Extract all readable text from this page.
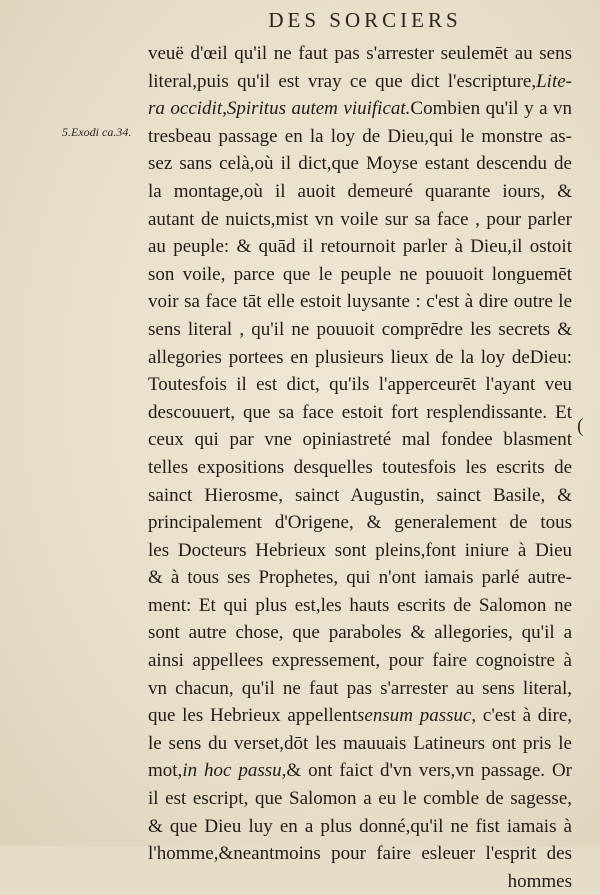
DES SORCIERS
5.Exodi ca.34.
(
veuë d'œil qu'il ne faut pas s'arrester seulemēt au sens
literal,puis qu'il est vray ce que dict l'escripture,Lite-
ra occidit,Spiritus autem viuificat.Combien qu'il y a vn
tresbeau passage en la loy de Dieu,qui le monstre as-
sez sans celà,où il dict,que Moyse estant descendu de
la montage,où il auoit demeuré quarante iours, &
autant de nuicts,mist vn voile sur sa face , pour parler
au peuple: & quād il retournoit parler à Dieu,il ostoit
son voile, parce que le peuple ne pouuoit longuemēt
voir sa face tāt elle estoit luysante : c'est à dire outre le
sens literal , qu'il ne pouuoit comprēdre les secrets &
allegories portees en plusieurs lieux de la loy deDieu:
Toutesfois il est dict, qu'ils l'apperceurēt l'ayant veu
descouuert, que sa face estoit fort resplendissante. Et
ceux qui par vne opiniastreté mal fondee blasment
telles expositions desquelles toutesfois les escrits de
sainct Hierosme, sainct Augustin, sainct Basile, &
principalement d'Origene, & generalement de tous
les Docteurs Hebrieux sont pleins,font iniure à Dieu
& à tous ses Prophetes, qui n'ont iamais parlé autre-
ment: Et qui plus est,les hauts escrits de Salomon ne
sont autre chose, que paraboles & allegories, qu'il a
ainsi appellees expressement, pour faire cognoistre à
vn chacun, qu'il ne faut pas s'arrester au sens literal,
que les Hebrieux appellentsensum passuc, c'est à dire,
le sens du verset,dōt les mauuais Latineurs ont pris le
mot,in hoc passu,& ont faict d'vn vers,vn passage. Or
il est escript, que Salomon a eu le comble de sagesse,
& que Dieu luy en a plus donné,qu'il ne fist iamais à
l'homme,&neantmoins pour faire esleuer l'esprit des
hommes
